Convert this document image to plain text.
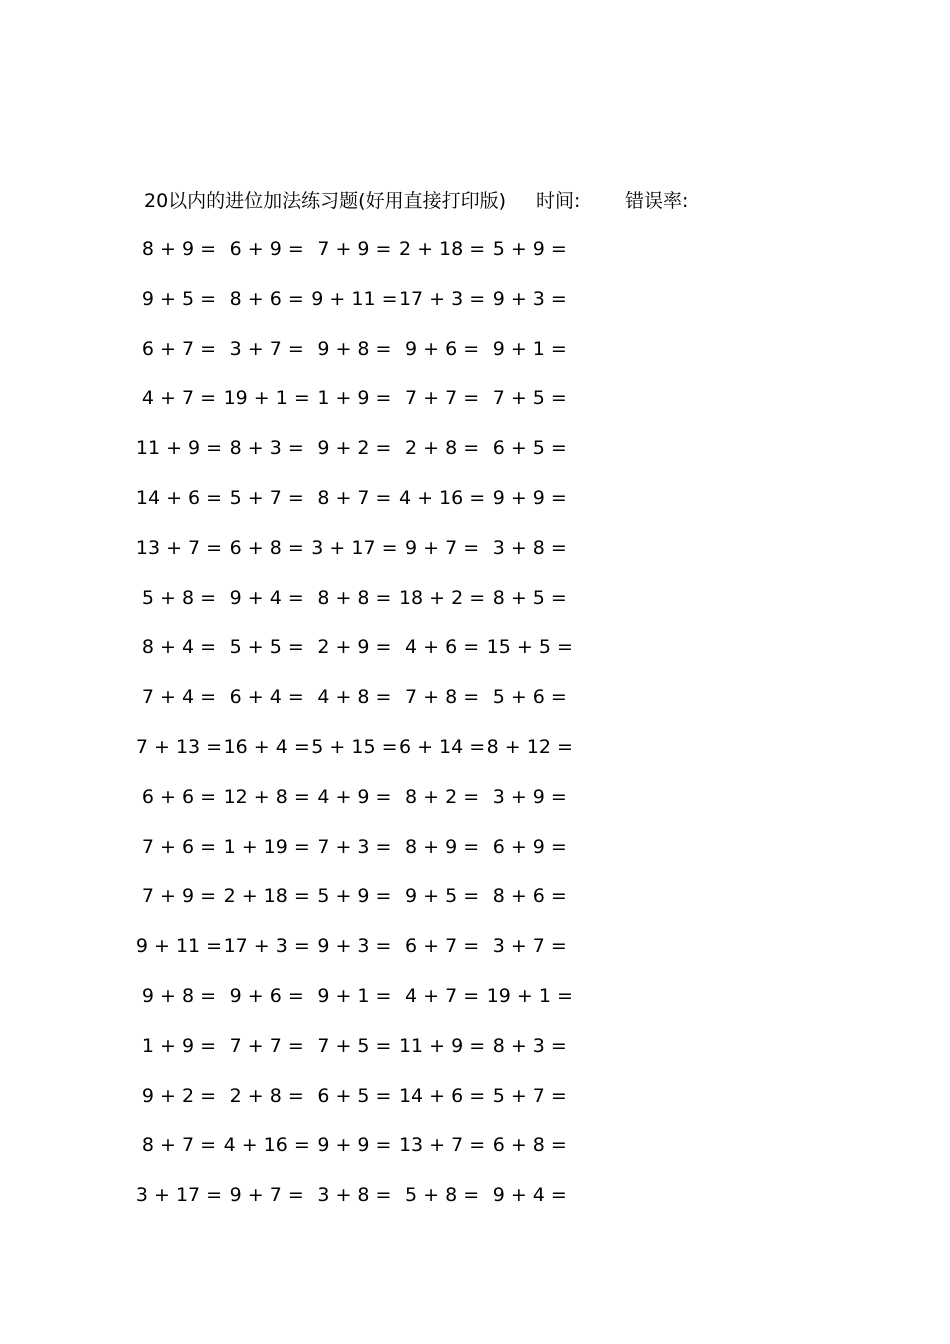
20以内的进位加法练习题(好用直接打印版) 时间: 错误率:
8 + 9 = 6 + 9 = 7 + 9 = 2 + 18 = 5 + 9 =
9 + 5 = 8 + 6 = 9 + 11 = 17 + 3 = 9 + 3 =
6 + 7 = 3 + 7 = 9 + 8 = 9 + 6 = 9 + 1 =
4 + 7 = 19 + 1 = 1 + 9 = 7 + 7 = 7 + 5 =
11 + 9 = 8 + 3 = 9 + 2 = 2 + 8 = 6 + 5 =
14 + 6 = 5 + 7 = 8 + 7 = 4 + 16 = 9 + 9 =
13 + 7 = 6 + 8 = 3 + 17 = 9 + 7 = 3 + 8 =
5 + 8 = 9 + 4 = 8 + 8 = 18 + 2 = 8 + 5 =
8 + 4 = 5 + 5 = 2 + 9 = 4 + 6 = 15 + 5 =
7 + 4 = 6 + 4 = 4 + 8 = 7 + 8 = 5 + 6 =
7 + 13 = 16 + 4 = 5 + 15 = 6 + 14 = 8 + 12 =
6 + 6 = 12 + 8 = 4 + 9 = 8 + 2 = 3 + 9 =
7 + 6 = 1 + 19 = 7 + 3 = 8 + 9 = 6 + 9 =
7 + 9 = 2 + 18 = 5 + 9 = 9 + 5 = 8 + 6 =
9 + 11 = 17 + 3 = 9 + 3 = 6 + 7 = 3 + 7 =
9 + 8 = 9 + 6 = 9 + 1 = 4 + 7 = 19 + 1 =
1 + 9 = 7 + 7 = 7 + 5 = 11 + 9 = 8 + 3 =
9 + 2 = 2 + 8 = 6 + 5 = 14 + 6 = 5 + 7 =
8 + 7 = 4 + 16 = 9 + 9 = 13 + 7 = 6 + 8 =
3 + 17 = 9 + 7 = 3 + 8 = 5 + 8 = 9 + 4 =
